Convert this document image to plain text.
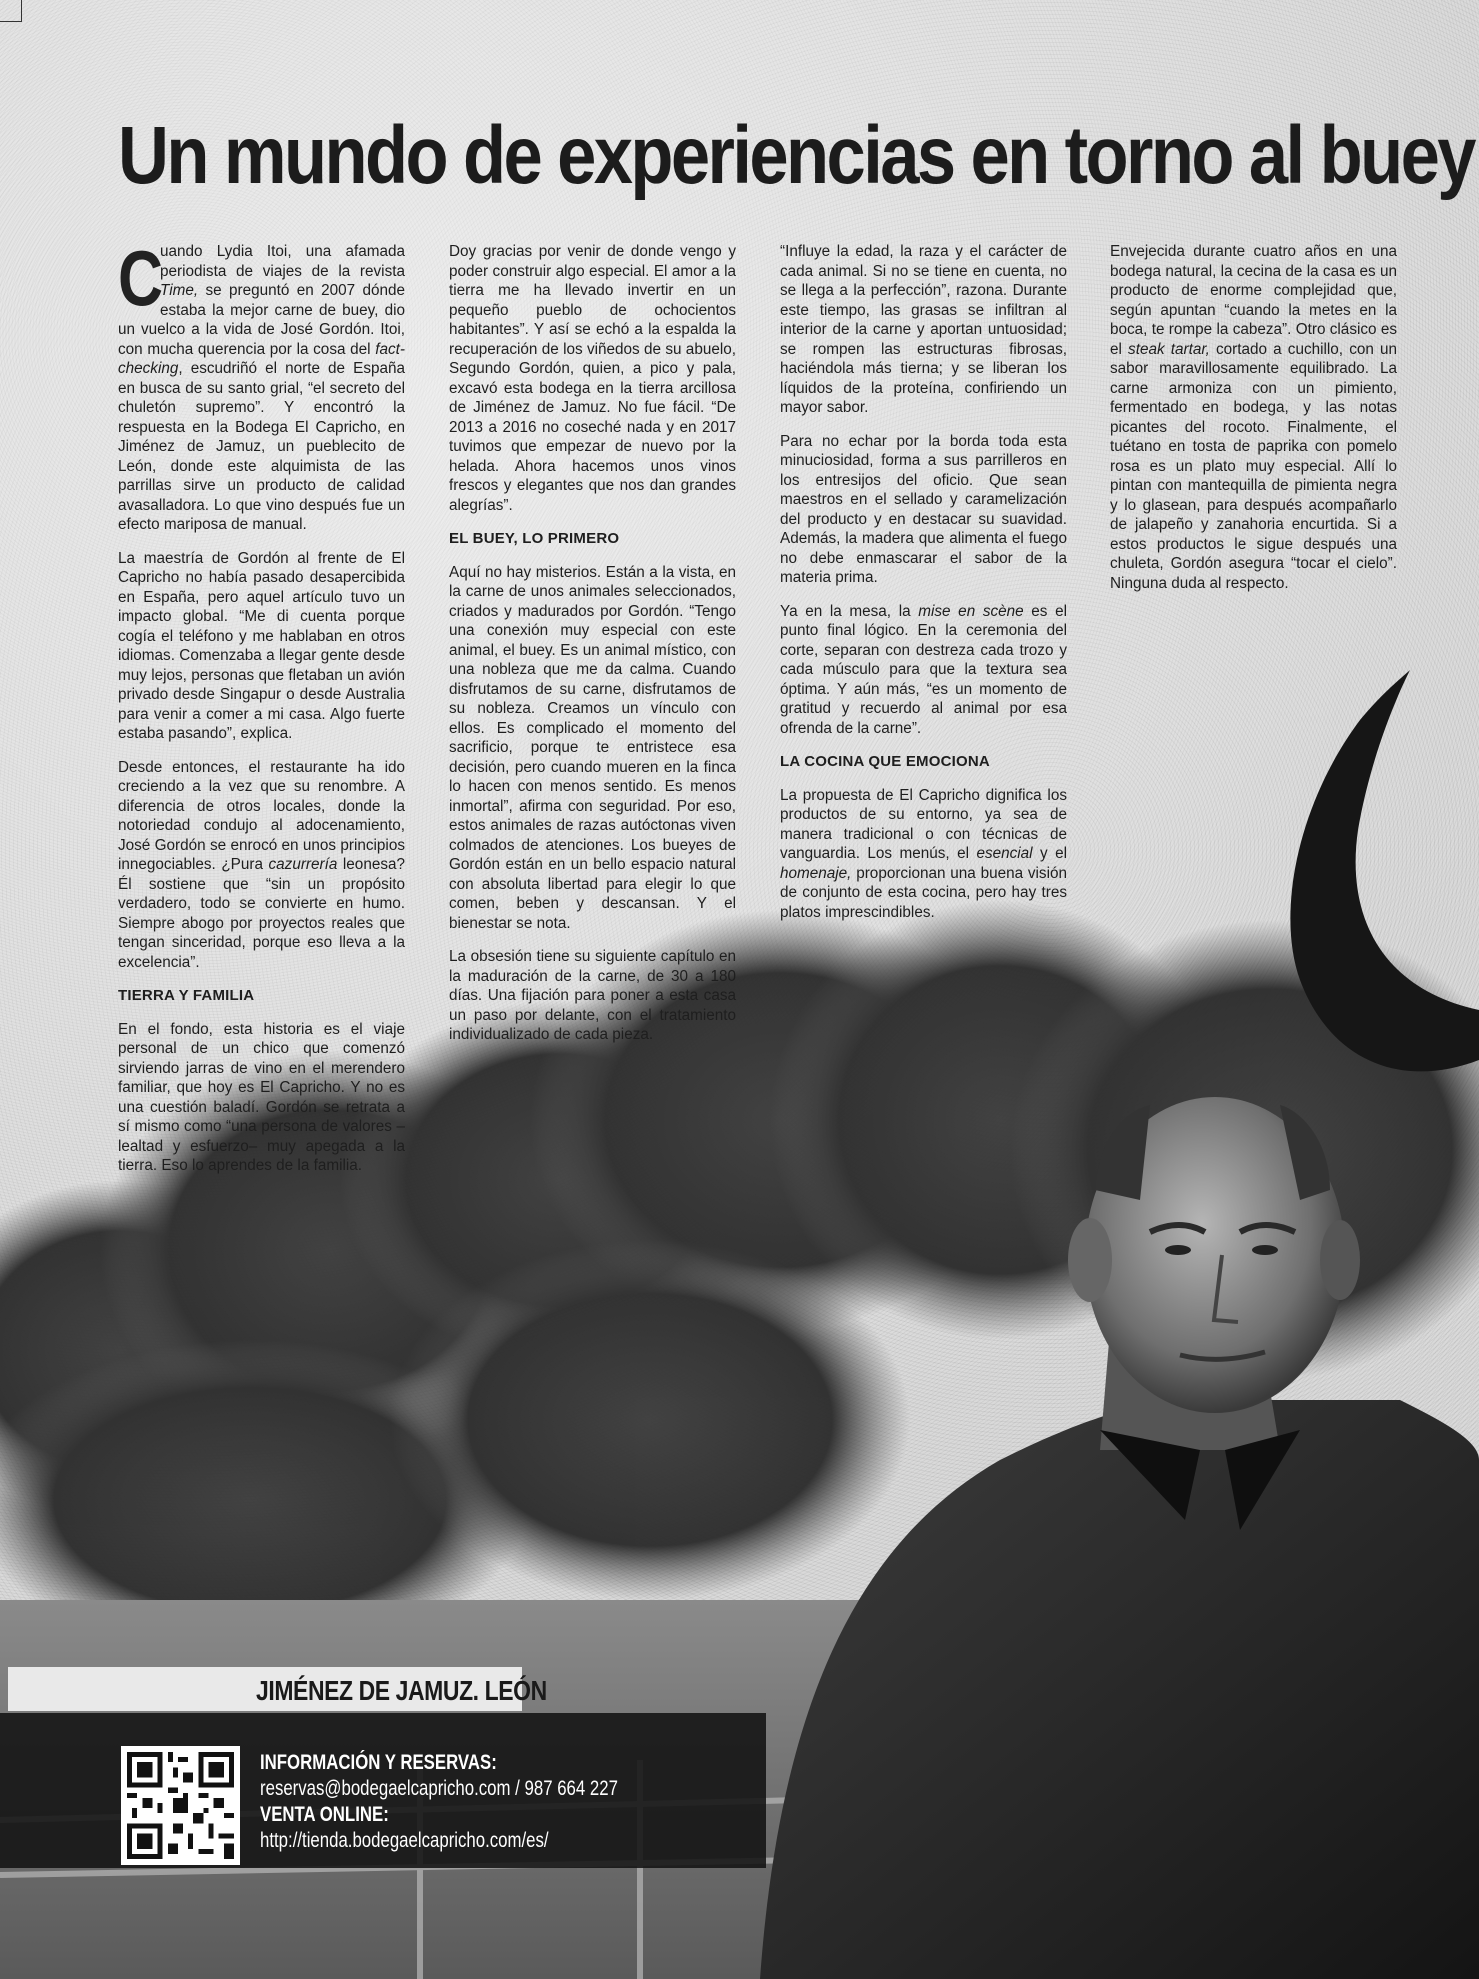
Un mundo de experiencias en torno al buey

C
uando Lydia Itoi, una afamada periodista de viajes de la revista Time, se preguntó en 2007 dónde estaba la mejor carne de buey, dio un vuelco a la vida de José Gordón. Itoi, con mucha querencia por la cosa del fact-checking, escudriñó el norte de España en busca de su santo grial, “el secreto del chuletón supremo”. Y encontró la respuesta en la Bodega El Capricho, en Jiménez de Jamuz, un pueblecito de León, donde este alquimista de las parrillas sirve un producto de calidad avasalladora. Lo que vino después fue un efecto mariposa de manual.

La maestría de Gordón al frente de El Capricho no había pasado desapercibida en España, pero aquel artículo tuvo un impacto global. “Me di cuenta porque cogía el teléfono y me hablaban en otros idiomas. Comenzaba a llegar gente desde muy lejos, personas que fletaban un avión privado desde Singapur o desde Australia para venir a comer a mi casa. Algo fuerte estaba pasando”, explica.

Desde entonces, el restaurante ha ido creciendo a la vez que su renombre. A diferencia de otros locales, donde la notoriedad condujo al adocenamiento, José Gordón se enrocó en unos principios innegociables. ¿Pura cazurrería leonesa? Él sostiene que “sin un propósito verdadero, todo se convierte en humo. Siempre abogo por proyectos reales que tengan sinceridad, porque eso lleva a la excelencia”.

TIERRA Y FAMILIA

En el fondo, esta historia es el viaje personal de un chico que comenzó sirviendo jarras de vino en el merendero familiar, que hoy es El Capricho. Y no es una cuestión baladí. Gordón se retrata a sí mismo como “una persona de valores –lealtad y esfuerzo– muy apegada a la tierra. Eso lo aprendes de la familia.

Doy gracias por venir de donde vengo y poder construir algo especial. El amor a la tierra me ha llevado invertir en un pequeño pueblo de ochocientos habitantes”. Y así se echó a la espalda la recuperación de los viñedos de su abuelo, Segundo Gordón, quien, a pico y pala, excavó esta bodega en la tierra arcillosa de Jiménez de Jamuz. No fue fácil. “De 2013 a 2016 no coseché nada y en 2017 tuvimos que empezar de nuevo por la helada. Ahora hacemos unos vinos frescos y elegantes que nos dan grandes alegrías”.

EL BUEY, LO PRIMERO

Aquí no hay misterios. Están a la vista, en la carne de unos animales seleccionados, criados y madurados por Gordón. “Tengo una conexión muy especial con este animal, el buey. Es un animal místico, con una nobleza que me da calma. Cuando disfrutamos de su carne, disfrutamos de su nobleza. Creamos un vínculo con ellos. Es complicado el momento del sacrificio, porque te entristece esa decisión, pero cuando mueren en la finca lo hacen con menos sentido. Es menos inmortal”, afirma con seguridad. Por eso, estos animales de razas autóctonas viven colmados de atenciones. Los bueyes de Gordón están en un bello espacio natural con absoluta libertad para elegir lo que comen, beben y descansan. Y el bienestar se nota.

La obsesión tiene su siguiente capítulo en la maduración de la carne, de 30 a 180 días. Una fijación para poner a esta casa un paso por delante, con el tratamiento individualizado de cada pieza.

“Influye la edad, la raza y el carácter de cada animal. Si no se tiene en cuenta, no se llega a la perfección”, razona. Durante este tiempo, las grasas se infiltran al interior de la carne y aportan untuosidad; se rompen las estructuras fibrosas, haciéndola más tierna; y se liberan los líquidos de la proteína, confiriendo un mayor sabor.

Para no echar por la borda toda esta minuciosidad, forma a sus parrilleros en los entresijos del oficio. Que sean maestros en el sellado y caramelización del producto y en destacar su suavidad. Además, la madera que alimenta el fuego no debe enmascarar el sabor de la materia prima.

Ya en la mesa, la mise en scène es el punto final lógico. En la ceremonia del corte, separan con destreza cada trozo y cada músculo para que la textura sea óptima. Y aún más, “es un momento de gratitud y recuerdo al animal por esa ofrenda de la carne”.

LA COCINA QUE EMOCIONA

La propuesta de El Capricho dignifica los productos de su entorno, ya sea de manera tradicional o con técnicas de vanguardia. Los menús, el esencial y el homenaje, proporcionan una buena visión de conjunto de esta cocina, pero hay tres platos imprescindibles.

Envejecida durante cuatro años en una bodega natural, la cecina de la casa es un producto de enorme complejidad que, según apuntan “cuando la metes en la boca, te rompe la cabeza”. Otro clásico es el steak tartar, cortado a cuchillo, con un sabor maravillosamente equilibrado. La carne armoniza con un pimiento, fermentado en bodega, y las notas picantes del rocoto. Finalmente, el tuétano en tosta de paprika con pomelo rosa es un plato muy especial. Allí lo pintan con mantequilla de pimienta negra y lo glasean, para después acompañarlo de jalapeño y zanahoria encurtida. Si a estos productos le sigue después una chuleta, Gordón asegura “tocar el cielo”. Ninguna duda al respecto.

JIMÉNEZ DE JAMUZ. LEÓN
INFORMACIÓN Y RESERVAS:
reservas@bodegaelcapricho.com / 987 664 227
VENTA ONLINE:
http://tienda.bodegaelcapricho.com/es/
